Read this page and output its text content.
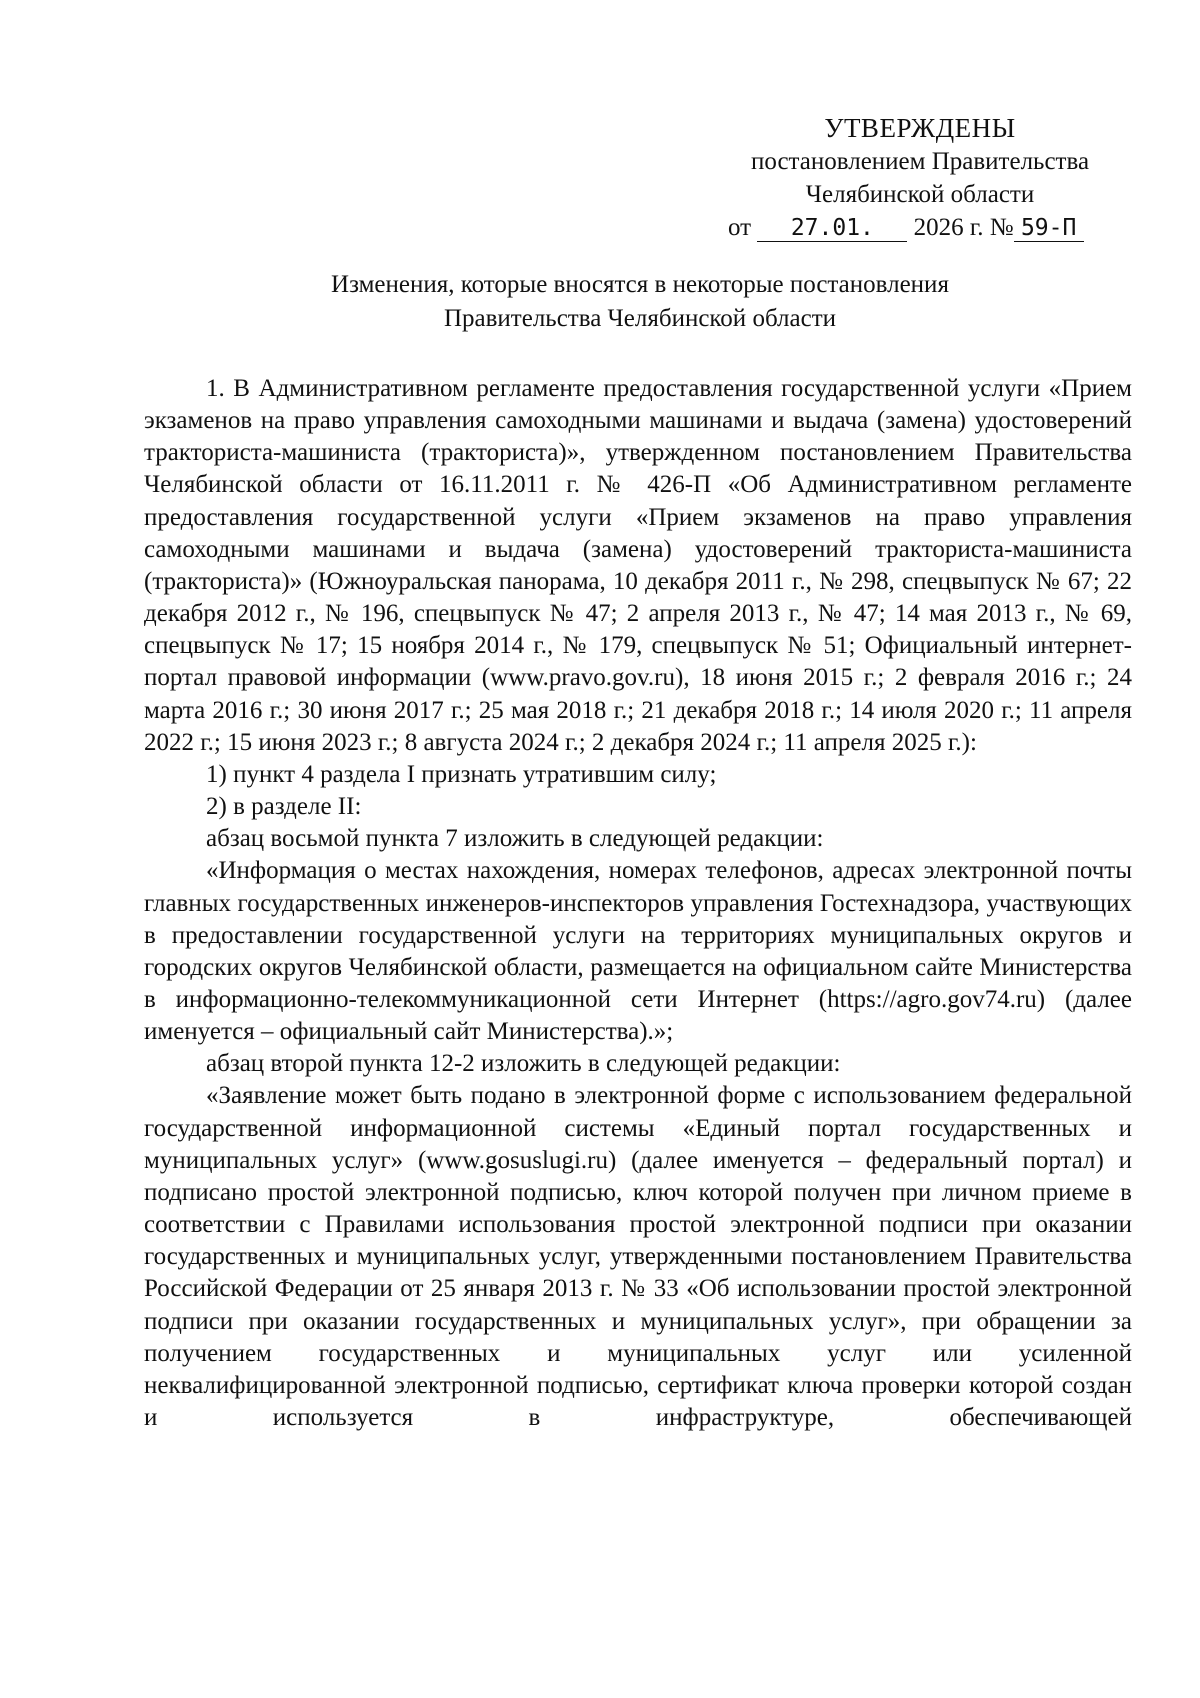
УТВЕРЖДЕНЫ
постановлением Правительства
Челябинской области
от 27.01. 2026 г. № 59-П
Изменения, которые вносятся в некоторые постановления
Правительства Челябинской области

1. В Административном регламенте предоставления государственной услуги «Прием экзаменов на право управления самоходными машинами и выдача (замена) удостоверений тракториста-машиниста (тракториста)», утвержденном постановлением Правительства Челябинской области от 16.11.2011 г. № 426-П «Об Административном регламенте предоставления государственной услуги «Прием экзаменов на право управления самоходными машинами и выдача (замена) удостоверений тракториста-машиниста (тракториста)» (Южноуральская панорама, 10 декабря 2011 г., № 298, спецвыпуск № 67; 22 декабря 2012 г., № 196, спецвыпуск № 47; 2 апреля 2013 г., № 47; 14 мая 2013 г., № 69, спецвыпуск № 17; 15 ноября 2014 г., № 179, спецвыпуск № 51; Официальный интернет-портал правовой информации (www.pravo.gov.ru), 18 июня 2015 г.; 2 февраля 2016 г.; 24 марта 2016 г.; 30 июня 2017 г.; 25 мая 2018 г.; 21 декабря 2018 г.; 14 июля 2020 г.; 11 апреля 2022 г.; 15 июня 2023 г.; 8 августа 2024 г.; 2 декабря 2024 г.; 11 апреля 2025 г.):

1) пункт 4 раздела I признать утратившим силу;

2) в разделе II:

абзац восьмой пункта 7 изложить в следующей редакции:

«Информация о местах нахождения, номерах телефонов, адресах электронной почты главных государственных инженеров-инспекторов управления Гостехнадзора, участвующих в предоставлении государственной услуги на территориях муниципальных округов и городских округов Челябинской области, размещается на официальном сайте Министерства в информационно-телекоммуникационной сети Интернет (https://agro.gov74.ru) (далее именуется – официальный сайт Министерства).»;

абзац второй пункта 12-2 изложить в следующей редакции:

«Заявление может быть подано в электронной форме с использованием федеральной государственной информационной системы «Единый портал государственных и муниципальных услуг» (www.gosuslugi.ru) (далее именуется – федеральный портал) и подписано простой электронной подписью, ключ которой получен при личном приеме в соответствии с Правилами использования простой электронной подписи при оказании государственных и муниципальных услуг, утвержденными постановлением Правительства Российской Федерации от 25 января 2013 г. № 33 «Об использовании простой электронной подписи при оказании государственных и муниципальных услуг», при обращении за получением государственных и муниципальных услуг или усиленной неквалифицированной электронной подписью, сертификат ключа проверки которой создан и используется в инфраструктуре, обеспечивающей
